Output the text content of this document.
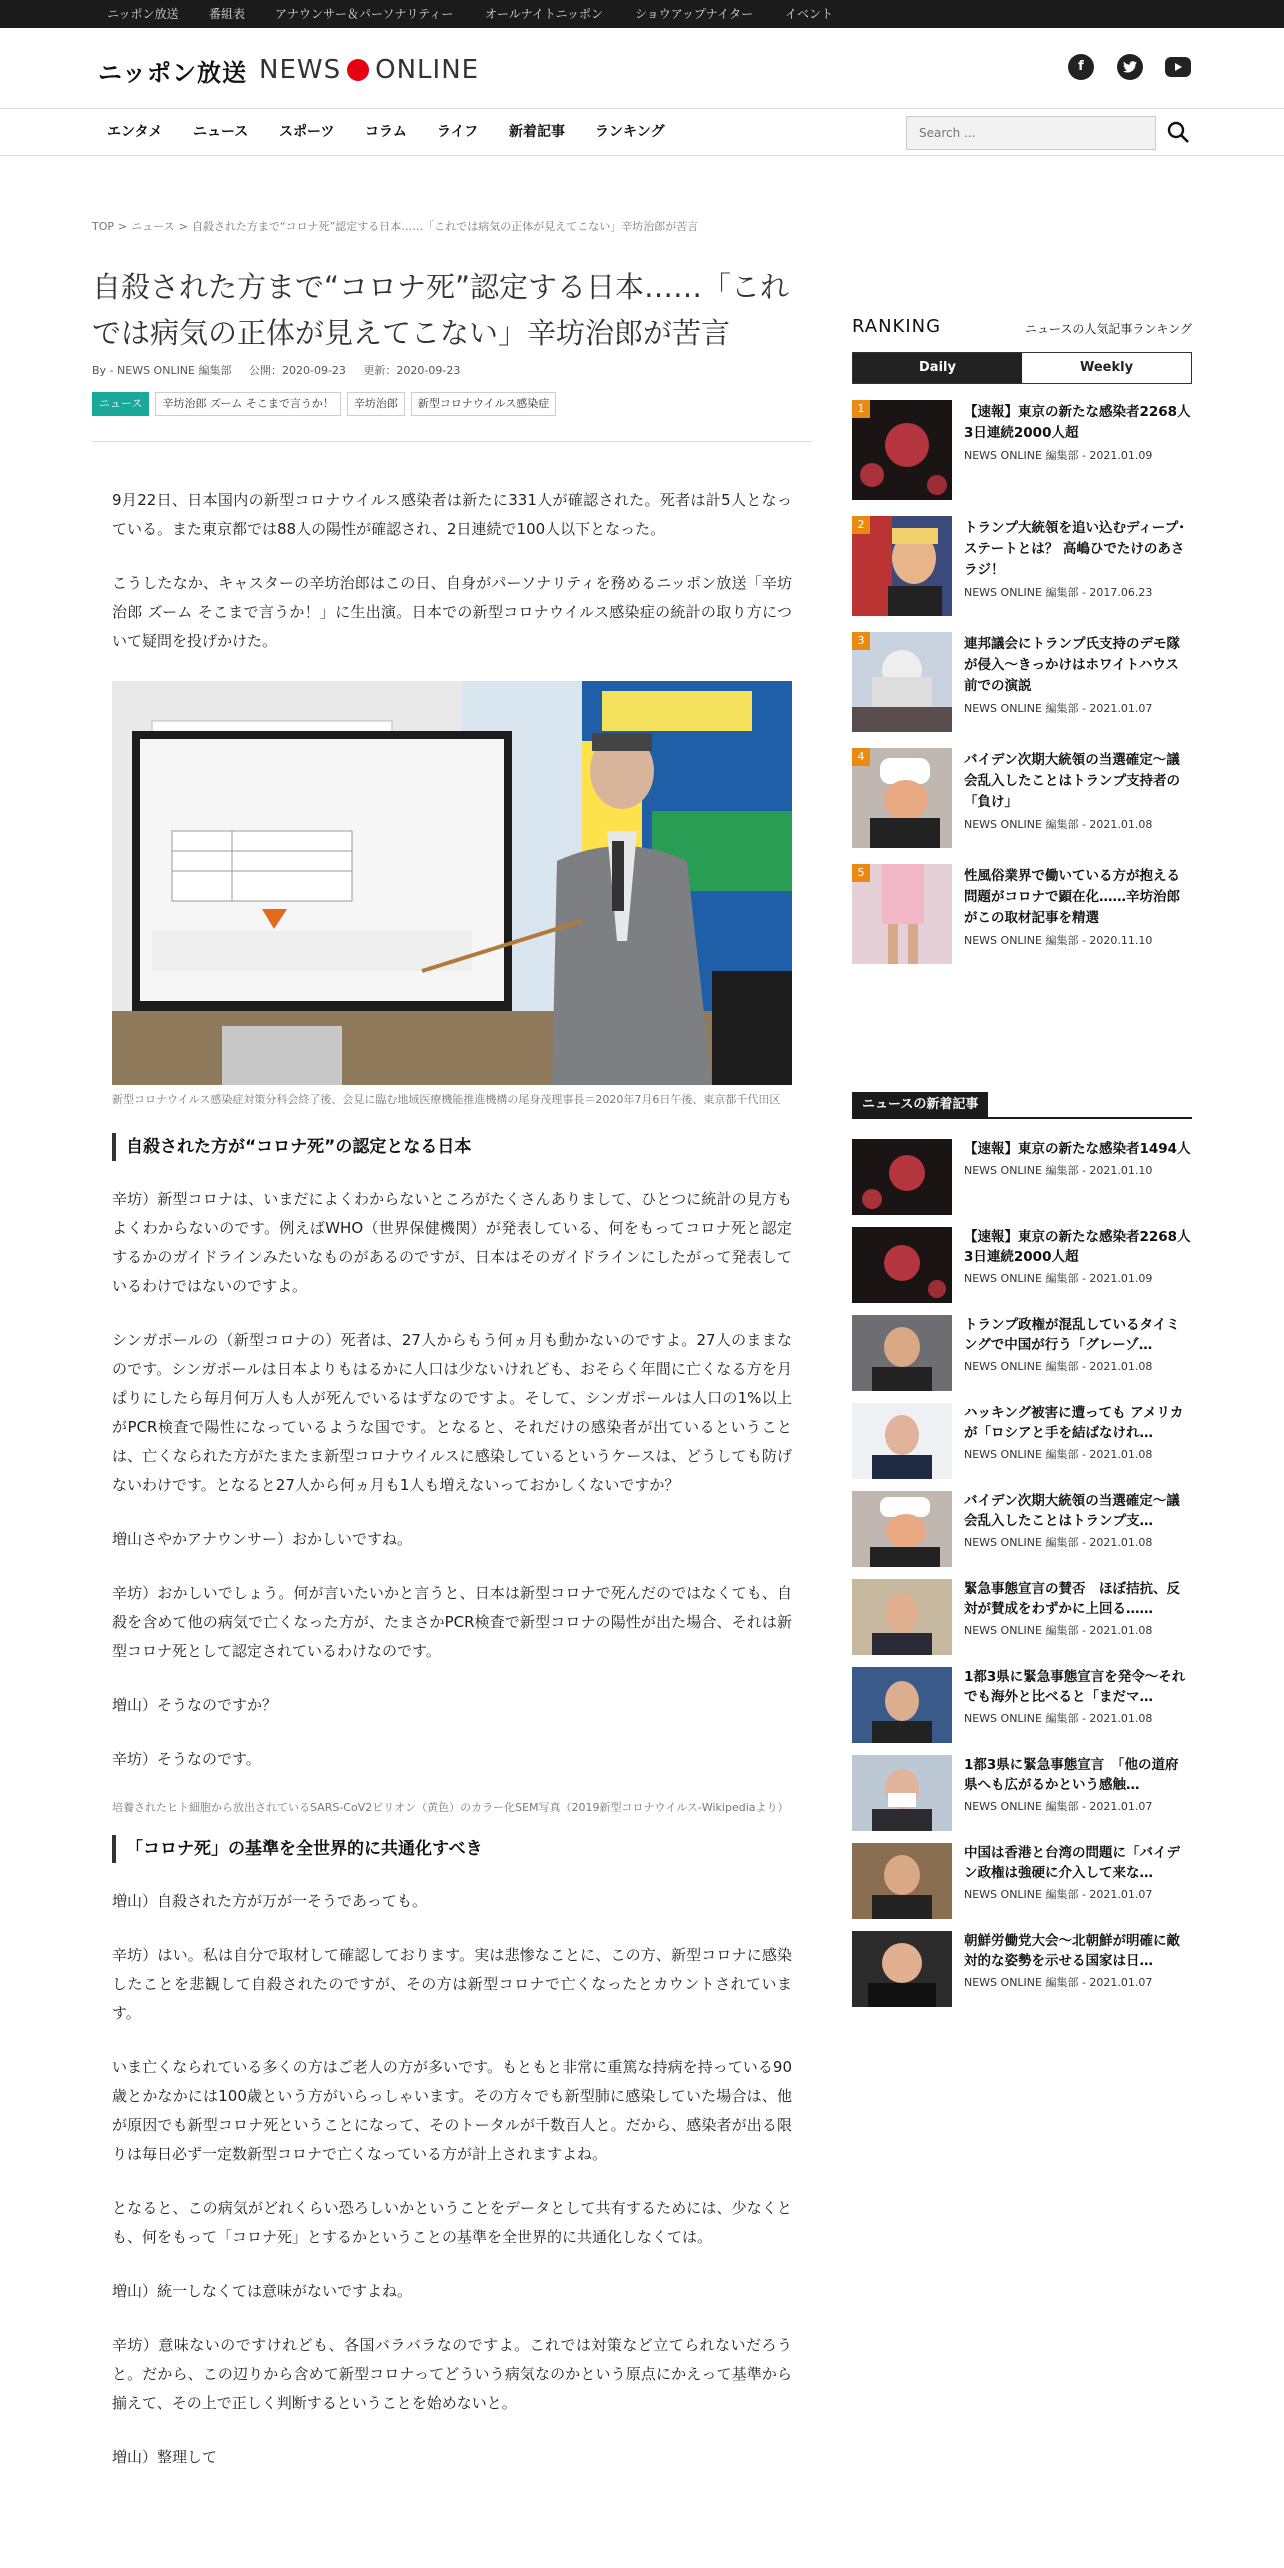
ニッポン放送	番組表 アナウンサー＆パーソナリティー	オールナイトニッポン	ショウアップナイター	イベント
ニッポン放送 NEWS ONLINE	f
エンタメ ニュース スポーツ コラム ライフ 新着記事 ランキング
Search ...
TOP > ニュース > 自殺された方まで“コロナ死”認定する日本……「これでは病気の正体が見えてこない」辛坊治郎が苦言
自殺された方まで“コロナ死”認定する日本……「これでは病気の正体が見えてこない」辛坊治郎が苦言
By - NEWS ONLINE 編集部 公開：2020-09-23 更新：2020-09-23
ニュース	辛坊治郎 ズーム そこまで言うか！	辛坊治郎	新型コロナウイルス感染症

9月22日、日本国内の新型コロナウイルス感染者は新たに331人が確認された。死者は計5人となっている。また東京都では88人の陽性が確認され、2日連続で100人以下となった。

こうしたなか、キャスターの辛坊治郎はこの日、自身がパーソナリティを務めるニッポン放送「辛坊治郎 ズーム そこまで言うか！」に生出演。日本での新型コロナウイルス感染症の統計の取り方について疑問を投げかけた。

新型コロナウイルス感染症対策分科会終了後、会見に臨む地域医療機能推進機構の尾身茂理事長＝2020年7月6日午後、東京都千代田区

自殺された方が“コロナ死”の認定となる日本

辛坊）新型コロナは、いまだによくわからないところがたくさんありまして、ひとつに統計の見方もよくわからないのです。例えばWHO（世界保健機関）が発表している、何をもってコロナ死と認定するかのガイドラインみたいなものがあるのですが、日本はそのガイドラインにしたがって発表しているわけではないのですよ。

シンガポールの（新型コロナの）死者は、27人からもう何ヵ月も動かないのですよ。27人のままなのです。シンガポールは日本よりもはるかに人口は少ないけれども、おそらく年間に亡くなる方を月ぱりにしたら毎月何万人も人が死んでいるはずなのですよ。そして、シンガポールは人口の1%以上がPCR検査で陽性になっているような国です。となると、それだけの感染者が出ているということは、亡くなられた方がたまたま新型コロナウイルスに感染しているというケースは、どうしても防げないわけです。となると27人から何ヵ月も1人も増えないっておかしくないですか？

増山さやかアナウンサー）おかしいですね。

辛坊）おかしいでしょう。何が言いたいかと言うと、日本は新型コロナで死んだのではなくても、自殺を含めて他の病気で亡くなった方が、たまさかPCR検査で新型コロナの陽性が出た場合、それは新型コロナ死として認定されているわけなのです。

増山）そうなのですか？

辛坊）そうなのです。

培養されたヒト細胞から放出されているSARS-CoV2ビリオン（黄色）のカラー化SEM写真（2019新型コロナウイルス-Wikipediaより）

「コロナ死」の基準を全世界的に共通化すべき

増山）自殺された方が万が一そうであっても。

辛坊）はい。私は自分で取材して確認しております。実は悲惨なことに、この方、新型コロナに感染したことを悲観して自殺されたのですが、その方は新型コロナで亡くなったとカウントされています。

いま亡くなられている多くの方はご老人の方が多いです。もともと非常に重篤な持病を持っている90歳とかなかには100歳という方がいらっしゃいます。その方々でも新型肺に感染していた場合は、他が原因でも新型コロナ死ということになって、そのトータルが千数百人と。だから、感染者が出る限りは毎日必ず一定数新型コロナで亡くなっている方が計上されますよね。

となると、この病気がどれくらい恐ろしいかということをデータとして共有するためには、少なくとも、何をもって「コロナ死」とするかということの基準を全世界的に共通化しなくては。

増山）統一しなくては意味がないですよね。

辛坊）意味ないのですけれども、各国バラバラなのですよ。これでは対策など立てられないだろうと。だから、この辺りから含めて新型コロナってどういう病気なのかという原点にかえって基準から揃えて、その上で正しく判断するということを始めないと。

増山）整理して

RANKING	ニュースの人気記事ランキング
Daily	Weekly
1	【速報】東京の新たな感染者2268人　3日連続2000人超
NEWS ONLINE 編集部 - 2021.01.09
2	トランプ大統領を追い込むディープ･ステートとは？ 高嶋ひでたけのあさラジ！
NEWS ONLINE 編集部 - 2017.06.23
3	連邦議会にトランプ氏支持のデモ隊が侵入～きっかけはホワイトハウス前での演説
NEWS ONLINE 編集部 - 2021.01.07
4	バイデン次期大統領の当選確定～議会乱入したことはトランプ支持者の「負け」
NEWS ONLINE 編集部 - 2021.01.08
5	性風俗業界で働いている方が抱える問題がコロナで顕在化……辛坊治郎がこの取材記事を精選
NEWS ONLINE 編集部 - 2020.11.10
ニュースの新着記事
【速報】東京の新たな感染者1494人
NEWS ONLINE 編集部 - 2021.01.10
【速報】東京の新たな感染者2268人　3日連続2000人超
NEWS ONLINE 編集部 - 2021.01.09
トランプ政権が混乱しているタイミングで中国が行う「グレーゾ…
NEWS ONLINE 編集部 - 2021.01.08
ハッキング被害に遭っても アメリカが「ロシアと手を結ばなけれ…
NEWS ONLINE 編集部 - 2021.01.08
バイデン次期大統領の当選確定～議会乱入したことはトランプ支…
NEWS ONLINE 編集部 - 2021.01.08
緊急事態宣言の賛否　ほぼ拮抗、反対が賛成をわずかに上回る……
NEWS ONLINE 編集部 - 2021.01.08
1都3県に緊急事態宣言を発令～それでも海外と比べると「まだマ…
NEWS ONLINE 編集部 - 2021.01.08
1都3県に緊急事態宣言　「他の道府県へも広がるかという感触…
NEWS ONLINE 編集部 - 2021.01.07
中国は香港と台湾の問題に「バイデン政権は強硬に介入して来な…
NEWS ONLINE 編集部 - 2021.01.07
朝鮮労働党大会～北朝鮮が明確に敵対的な姿勢を示せる国家は日…
NEWS ONLINE 編集部 - 2021.01.07
